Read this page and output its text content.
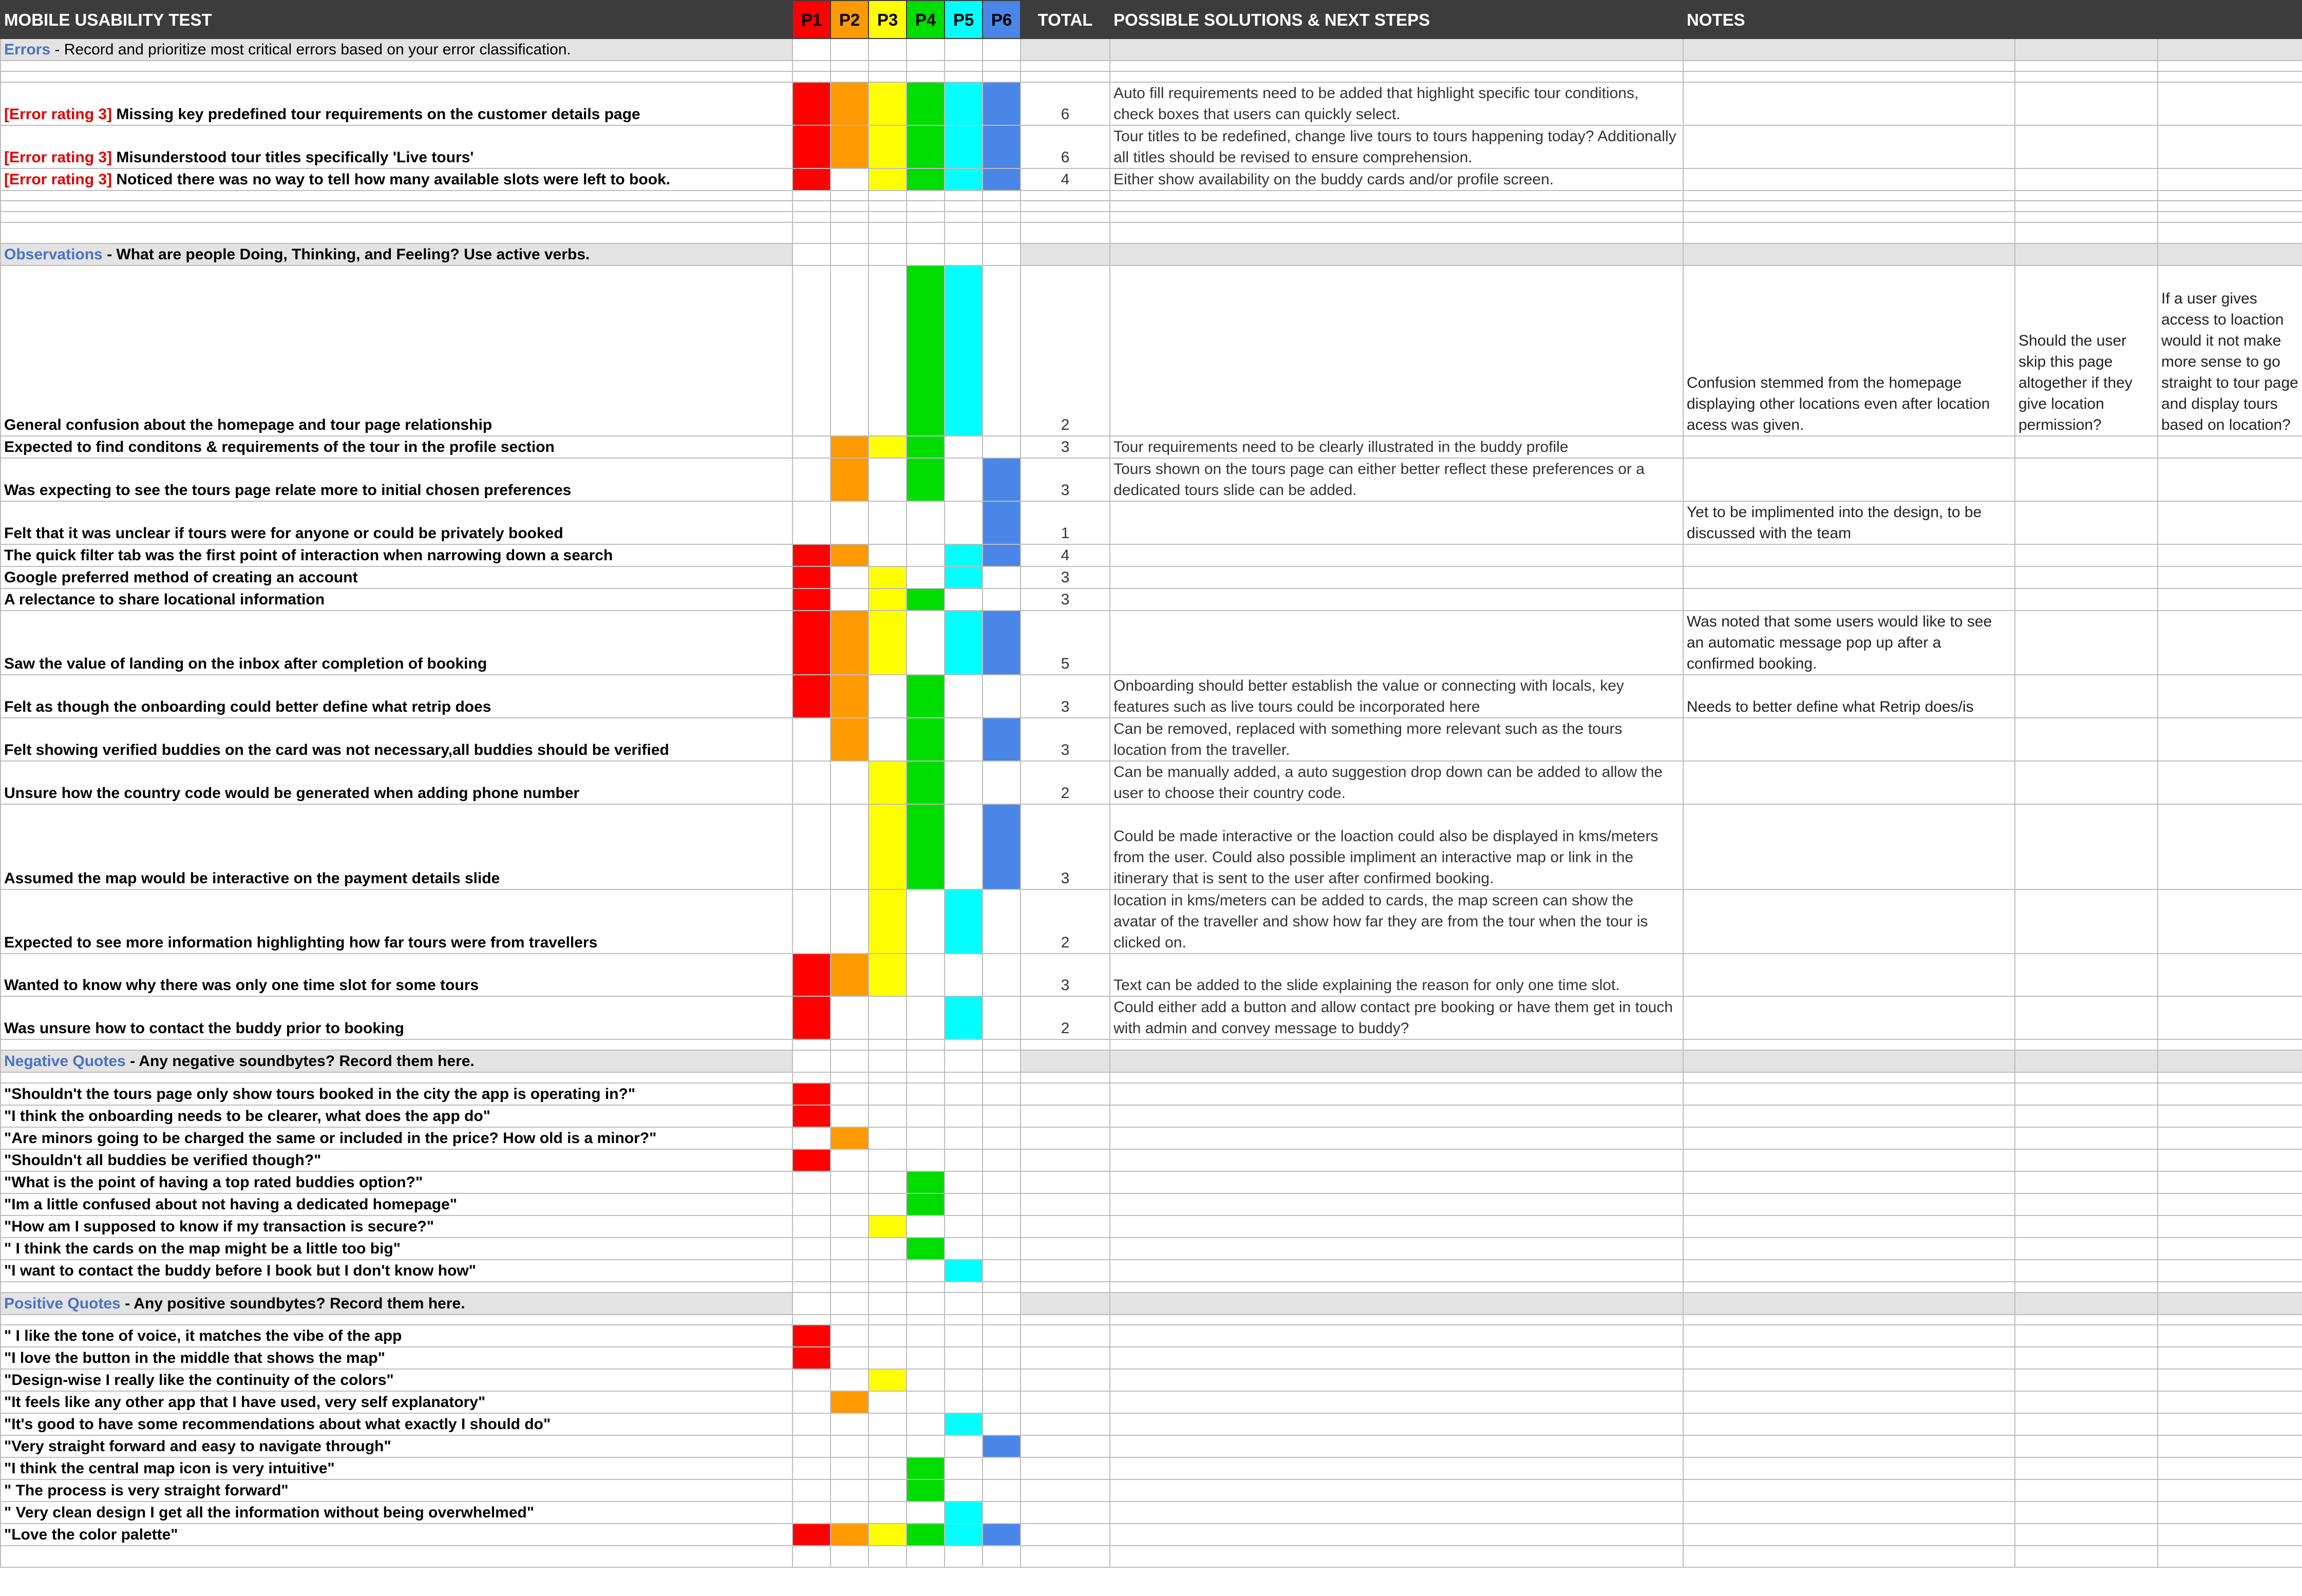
MOBILE USABILITY TEST	P1	P2	P3	P4	P5	P6	TOTAL	POSSIBLE SOLUTIONS & NEXT STEPS	NOTES		
Errors - Record and prioritize most critical errors based on your error classification.											

[Error rating 3] Missing key predefined tour requirements on the customer details page							6	Auto fill requirements need to be added that highlight specific tour conditions, check boxes that users can quickly select.			
[Error rating 3] Misunderstood tour titles specifically 'Live tours'							6	Tour titles to be redefined, change live tours to tours happening today? Additionally all titles should be revised to ensure comprehension.			
[Error rating 3] Noticed there was no way to tell how many available slots were left to book.							4	Either show availability on the buddy cards and/or profile screen.			

Observations - What are people Doing, Thinking, and Feeling? Use active verbs.											
General confusion about the homepage and tour page relationship							2		Confusion stemmed from the homepage displaying other locations even after location acess was given.	Should the user skip this page altogether if they give location permission?	If a user gives access to loaction would it not make more sense to go straight to tour page and display tours based on location?
Expected to find conditons & requirements of the tour in the profile section							3	Tour requirements need to be clearly illustrated in the buddy profile			
Was expecting to see the tours page relate more to initial chosen preferences							3	Tours shown on the tours page can either better reflect these preferences or a dedicated tours slide can be added.			
Felt that it was unclear if tours were for anyone or could be privately booked							1		Yet to be implimented into the design, to be discussed with the team		
The quick filter tab was the first point of interaction when narrowing down a search							4				
Google preferred method of creating an account							3				
A relectance to share locational information							3				
Saw the value of landing on the inbox after completion of booking							5		Was noted that some users would like to see an automatic message pop up after a confirmed booking.		
Felt as though the onboarding could better define what retrip does							3	Onboarding should better establish the value or connecting with locals, key features such as live tours could be incorporated here	Needs to better define what Retrip does/is		
Felt showing verified buddies on the card was not necessary,all buddies should be verified							3	Can be removed, replaced with something more relevant such as the tours location from the traveller.			
Unsure how the country code would be generated when adding phone number							2	Can be manually added, a auto suggestion drop down can be added to allow the user to choose their country code.			
Assumed the map would be interactive on the payment details slide							3	Could be made interactive or the loaction could also be displayed in kms/meters from the user. Could also possible impliment an interactive map or link in the itinerary that is sent to the user after confirmed booking.			
Expected to see more information highlighting how far tours were from travellers							2	location in kms/meters can be added to cards, the map screen can show the avatar of the traveller and show how far they are from the tour when the tour is clicked on.			
Wanted to know why there was only one time slot for some tours							3	Text can be added to the slide explaining the reason for only one time slot.			
Was unsure how to contact the buddy prior to booking							2	Could either add a button and allow contact pre booking or have them get in touch with admin and convey message to buddy?			

Negative Quotes - Any negative soundbytes? Record them here.											

"Shouldn't the tours page only show tours booked in the city the app is operating in?"											
"I think the onboarding needs to be clearer, what does the app do"											
"Are minors going to be charged the same or included in the price? How old is a minor?"											
"Shouldn't all buddies be verified though?"											
"What is the point of having a top rated buddies option?"											
"Im a little confused about not having a dedicated homepage"											
"How am I supposed to know if my transaction is secure?"											
" I think the cards on the map might be a little too big"											
"I want to contact the buddy before I book but I don't know how"											

Positive Quotes - Any positive soundbytes? Record them here.											

" I like the tone of voice, it matches the vibe of the app											
"I love the button in the middle that shows the map"											
"Design-wise I really like the continuity of the colors"											
"It feels like any other app that I have used, very self explanatory"											
"It's good to have some recommendations about what exactly I should do"											
"Very straight forward and easy to navigate through"											
"I think the central map icon is very intuitive"											
" The process is very straight forward"											
" Very clean design I get all the information without being overwhelmed"											
"Love the color palette"											
